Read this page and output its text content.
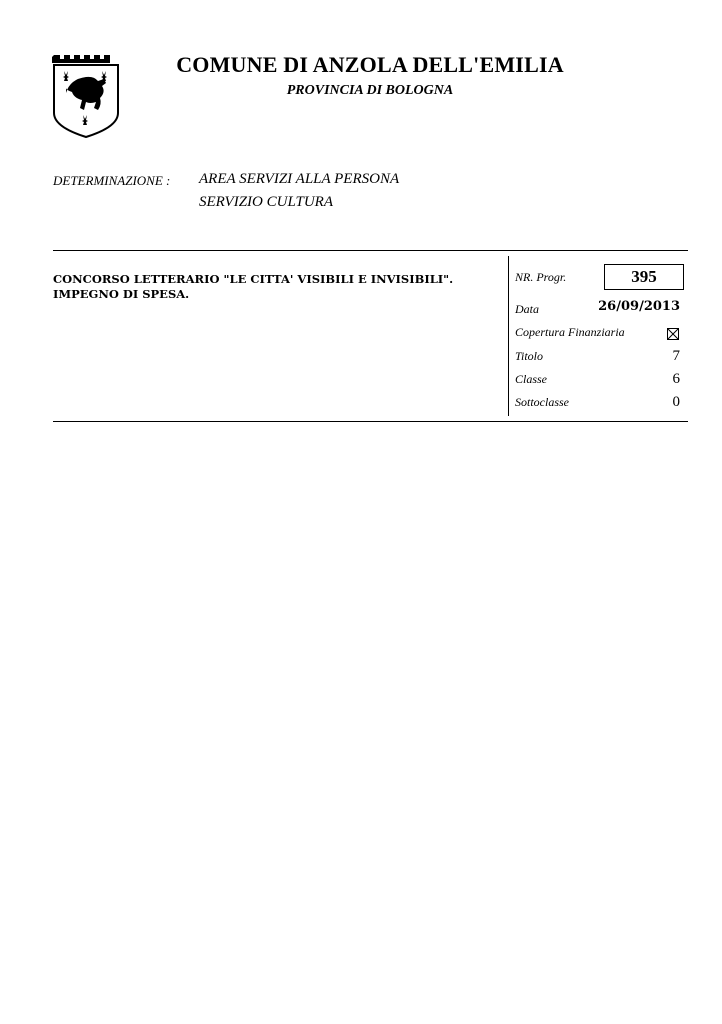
COMUNE DI ANZOLA DELL'EMILIA
PROVINCIA DI BOLOGNA
DETERMINAZIONE : AREA SERVIZI ALLA PERSONA
SERVIZIO CULTURA
CONCORSO LETTERARIO "LE CITTA' VISIBILI E INVISIBILI".
IMPEGNO DI SPESA.
NR. Progr.	395
Data	26/09/2013
Copertura Finanziaria
Titolo	7
Classe	6
Sottoclasse	0
